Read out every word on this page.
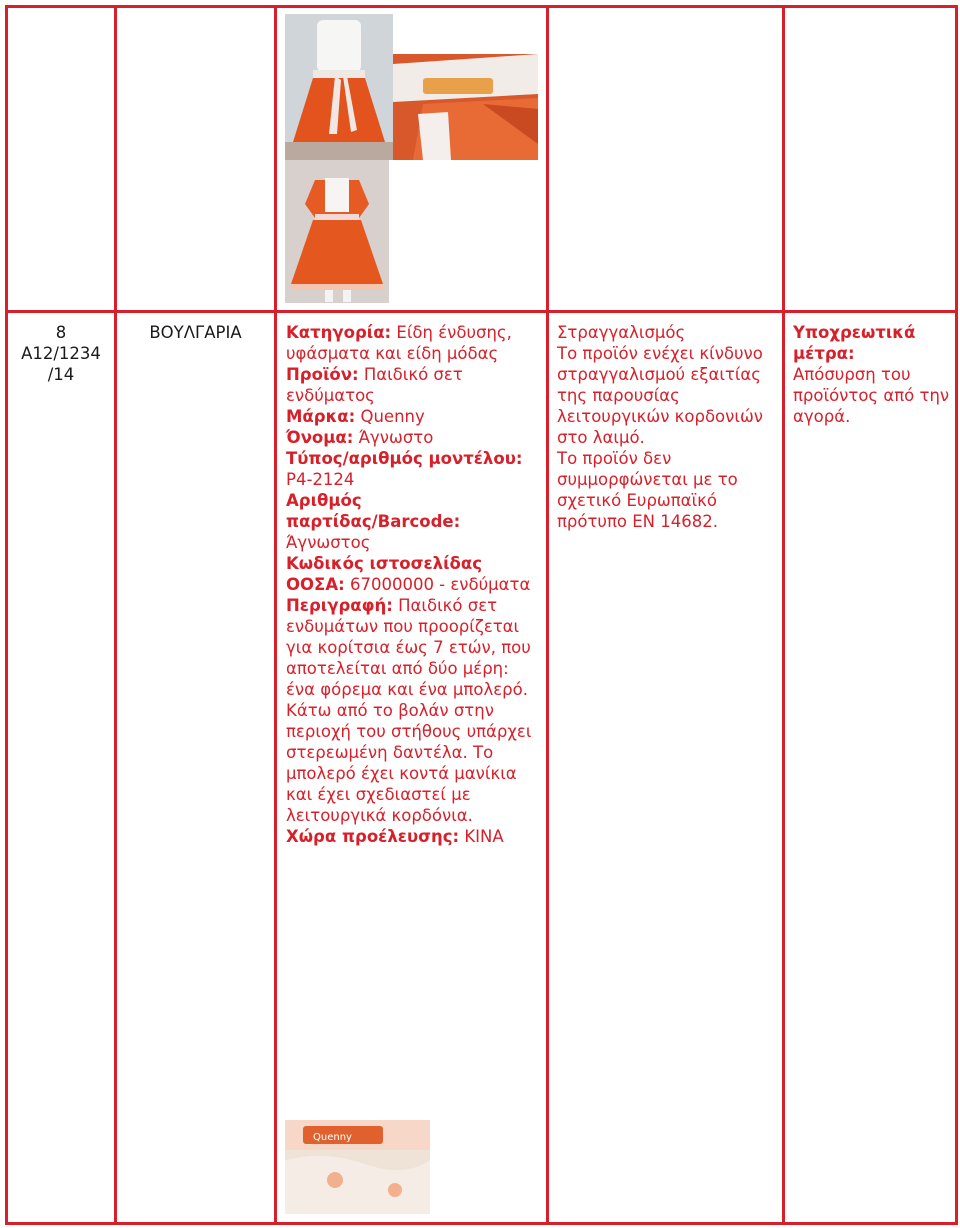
8

A12/1234

/14

ΒΟΥΛΓΑΡΙΑ	Κατηγορία: Είδη ένδυσης, υφάσματα και είδη μόδας

Προϊόν: Παιδικό σετ ενδύματος

Μάρκα: Quenny

Όνομα: Άγνωστο

Τύπος/αριθμός μοντέλου: P4-2124

Αριθμός παρτίδας/Barcode: Άγνωστος

Κωδικός ιστοσελίδας ΟΟΣΑ: 67000000 - ενδύματα

Περιγραφή: Παιδικό σετ ενδυμάτων που προορίζεται για κορίτσια έως 7 ετών, που αποτελείται από δύο μέρη: ένα φόρεμα και ένα μπολερό. Κάτω από το βολάν στην περιοχή του στήθους υπάρχει στερεωμένη δαντέλα. Το μπολερό έχει κοντά μανίκια και έχει σχεδιαστεί με λειτουργικά κορδόνια.

Χώρα προέλευσης: ΚΙΝΑ

Quenny

Στραγγαλισμός

Το προϊόν ενέχει κίνδυνο στραγγαλισμού εξαιτίας της παρουσίας λειτουργικών κορδονιών στο λαιμό.

Το προϊόν δεν συμμορφώνεται με το σχετικό Ευρωπαϊκό πρότυπο EN 14682.

Υποχρεωτικά μέτρα:

Απόσυρση του προϊόντος από την αγορά.
